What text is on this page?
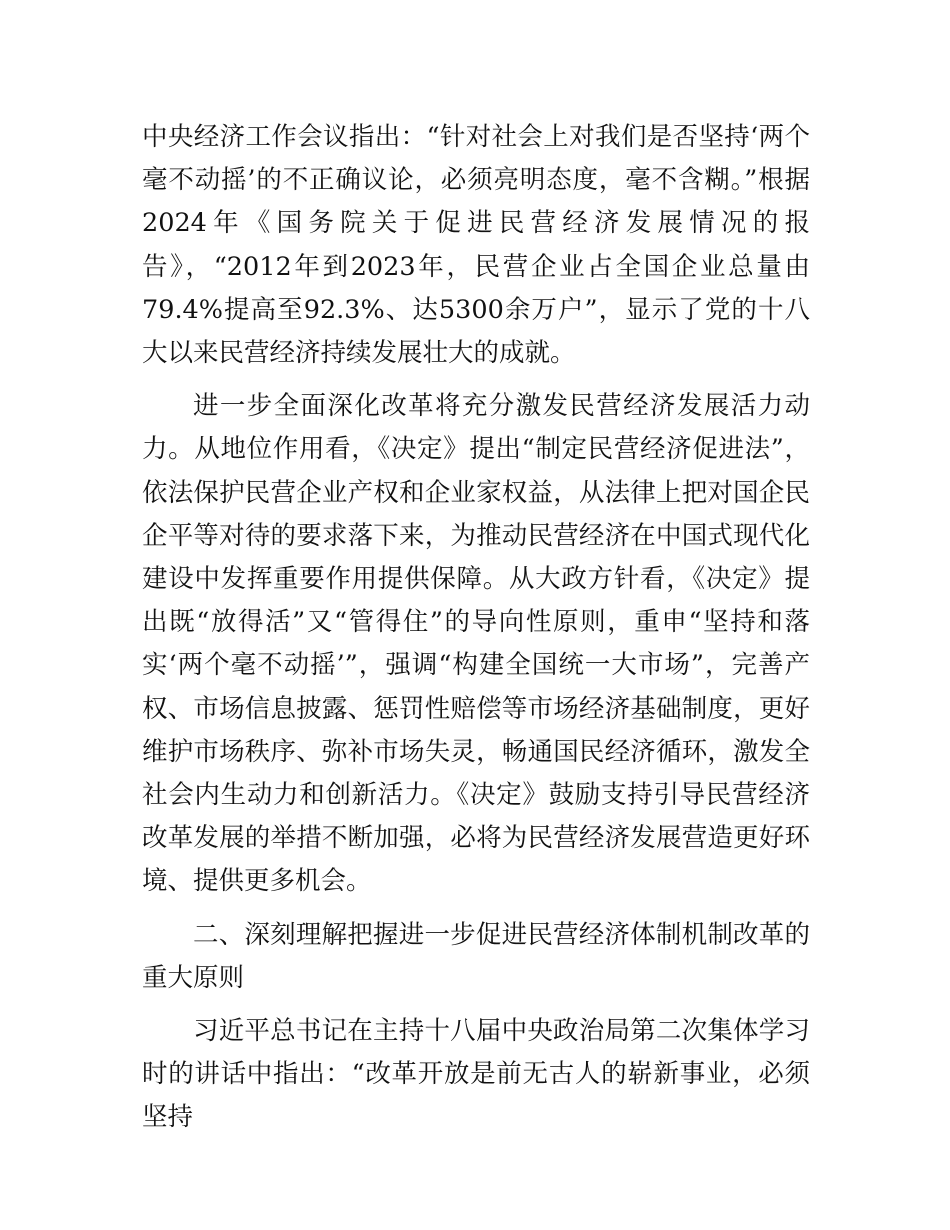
中央经济工作会议指出：“针对社会上对我们是否坚持‘两个毫不动摇’的不正确议论，必须亮明态度，毫不含糊。”根据2024年《国务院关于促进民营经济发展情况的报告》，“2012年到2023年，民营企业占全国企业总量由79.4%提高至92.3%、达5300余万户”，显示了党的十八大以来民营经济持续发展壮大的成就。

进一步全面深化改革将充分激发民营经济发展活力动力。从地位作用看，《决定》提出“制定民营经济促进法”，依法保护民营企业产权和企业家权益，从法律上把对国企民企平等对待的要求落下来，为推动民营经济在中国式现代化建设中发挥重要作用提供保障。从大政方针看，《决定》提出既“放得活”又“管得住”的导向性原则，重申“坚持和落实‘两个毫不动摇’”，强调“构建全国统一大市场”，完善产权、市场信息披露、惩罚性赔偿等市场经济基础制度，更好维护市场秩序、弥补市场失灵，畅通国民经济循环，激发全社会内生动力和创新活力。《决定》鼓励支持引导民营经济改革发展的举措不断加强，必将为民营经济发展营造更好环境、提供更多机会。

二、深刻理解把握进一步促进民营经济体制机制改革的重大原则

习近平总书记在主持十八届中央政治局第二次集体学习时的讲话中指出：“改革开放是前无古人的崭新事业，必须坚持
